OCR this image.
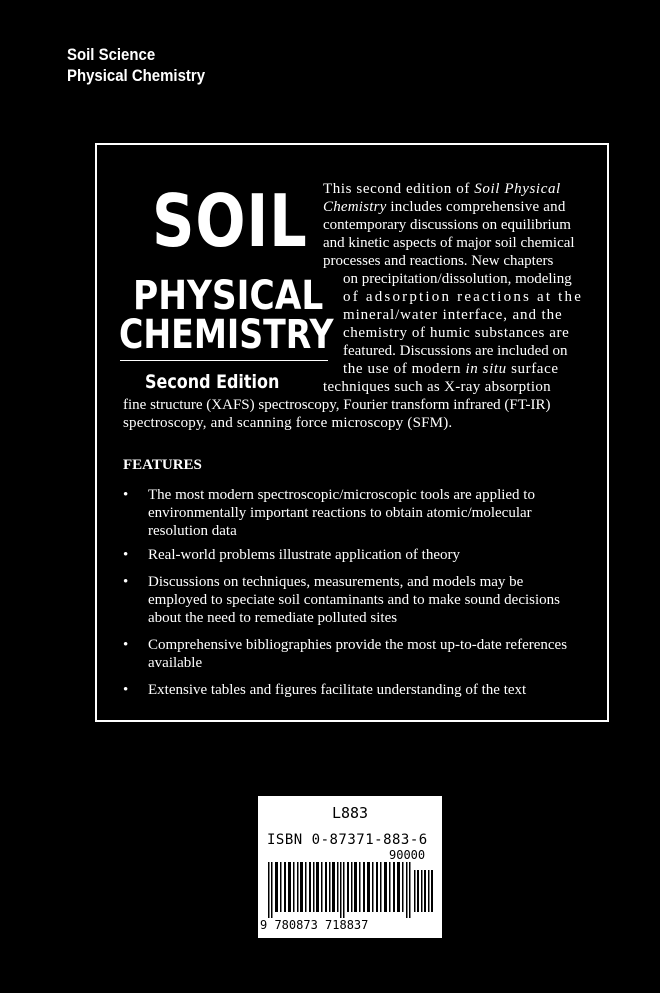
Soil Science
Physical Chemistry
SOIL
PHYSICAL
CHEMISTRY
Second Edition
This second edition of Soil Physical
Chemistry includes comprehensive and
contemporary discussions on equilibrium
and kinetic aspects of major soil chemical
processes and reactions. New chapters
on precipitation/dissolution, modeling
of adsorption reactions at the
mineral/water interface, and the
chemistry of humic substances are
featured. Discussions are included on
the use of modern in situ surface
techniques such as X-ray absorption
fine structure (XAFS) spectroscopy, Fourier transform infrared (FT-IR)
spectroscopy, and scanning force microscopy (SFM).
FEATURES
• The most modern spectroscopic/microscopic tools are applied to
environmentally important reactions to obtain atomic/molecular
resolution data
• Real-world problems illustrate application of theory
• Discussions on techniques, measurements, and models may be
employed to speciate soil contaminants and to make sound decisions
about the need to remediate polluted sites
• Comprehensive bibliographies provide the most up-to-date references
available
• Extensive tables and figures facilitate understanding of the text
L883
ISBN 0-87371-883-6
90000
9 780873 718837
